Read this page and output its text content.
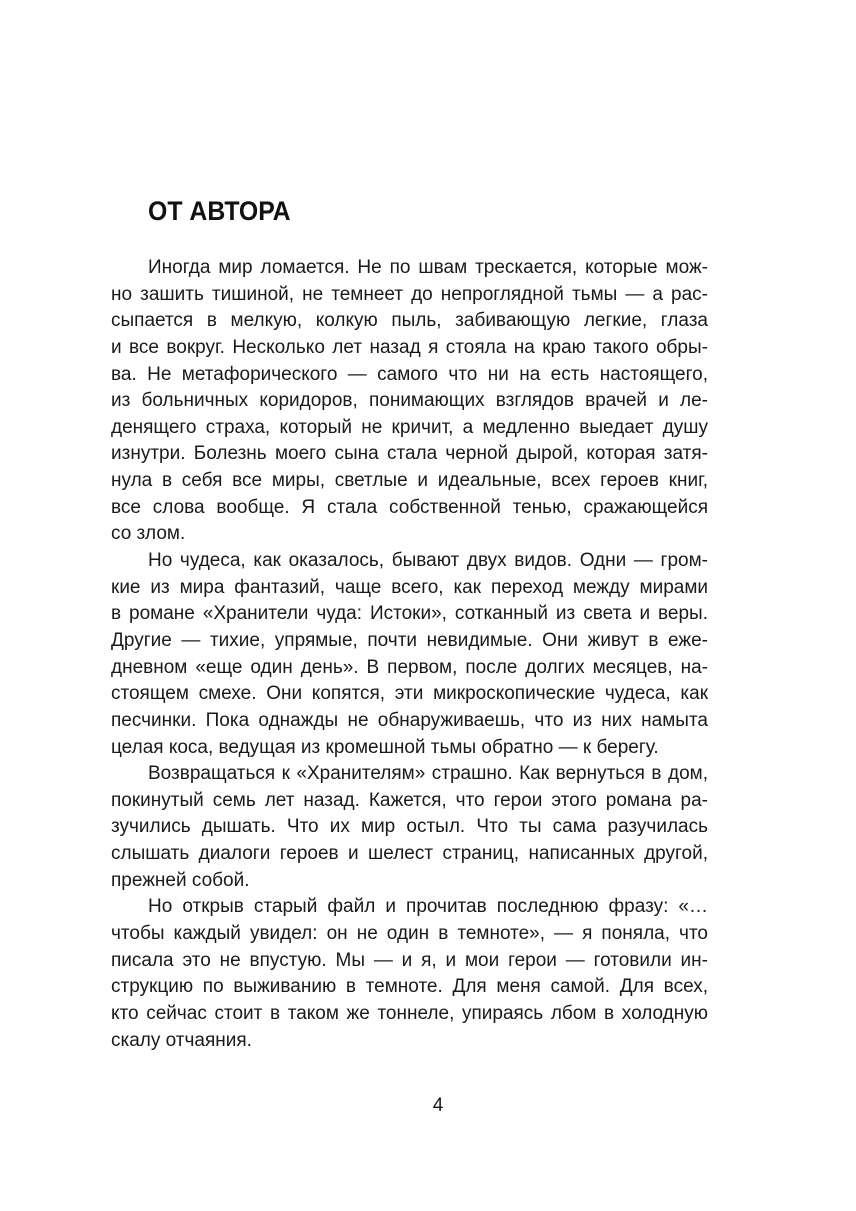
ОТ АВТОРА
Иногда мир ломается. Не по швам трескается, которые мож-
но зашить тишиной, не темнеет до непроглядной тьмы — а рас-
сыпается в мелкую, колкую пыль, забивающую легкие, глаза
и все вокруг. Несколько лет назад я стояла на краю такого обры-
ва. Не метафорического — самого что ни на есть настоящего,
из больничных коридоров, понимающих взглядов врачей и ле-
денящего страха, который не кричит, а медленно выедает душу
изнутри. Болезнь моего сына стала черной дырой, которая затя-
нула в себя все миры, светлые и идеальные, всех героев книг,
все слова вообще. Я стала собственной тенью, сражающейся
со злом.
Но чудеса, как оказалось, бывают двух видов. Одни — гром-
кие из мира фантазий, чаще всего, как переход между мирами
в романе «Хранители чуда: Истоки», сотканный из света и веры.
Другие — тихие, упрямые, почти невидимые. Они живут в еже-
дневном «еще один день». В первом, после долгих месяцев, на-
стоящем смехе. Они копятся, эти микроскопические чудеса, как
песчинки. Пока однажды не обнаруживаешь, что из них намыта
целая коса, ведущая из кромешной тьмы обратно — к берегу.
Возвращаться к «Хранителям» страшно. Как вернуться в дом,
покинутый семь лет назад. Кажется, что герои этого романа ра-
зучились дышать. Что их мир остыл. Что ты сама разучилась
слышать диалоги героев и шелест страниц, написанных другой,
прежней собой.
Но открыв старый файл и прочитав последнюю фразу: «…
чтобы каждый увидел: он не один в темноте», — я поняла, что
писала это не впустую. Мы — и я, и мои герои — готовили ин-
струкцию по выживанию в темноте. Для меня самой. Для всех,
кто сейчас стоит в таком же тоннеле, упираясь лбом в холодную
скалу отчаяния.
4
